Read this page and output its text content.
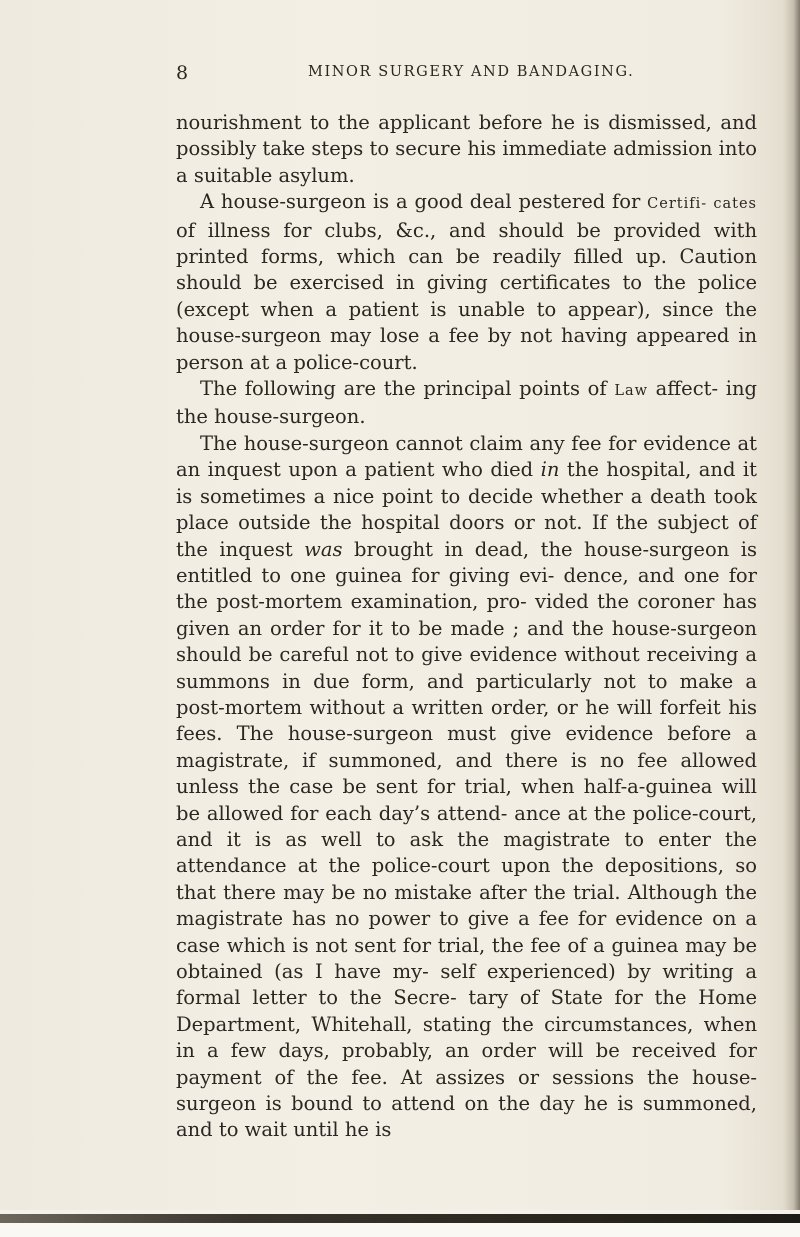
8	MINOR SURGERY AND BANDAGING.

nourishment to the applicant before he is dismissed, and possibly take steps to secure his immediate admission into a suitable asylum.

A house-surgeon is a good deal pestered for Certifi- cates of illness for clubs, &c., and should be provided with printed forms, which can be readily filled up. Caution should be exercised in giving certificates to the police (except when a patient is unable to appear), since the house-surgeon may lose a fee by not having appeared in person at a police-court.

The following are the principal points of Law affect- ing the house-surgeon.

The house-surgeon cannot claim any fee for evidence at an inquest upon a patient who died in the hospital, and it is sometimes a nice point to decide whether a death took place outside the hospital doors or not. If the subject of the inquest was brought in dead, the house-surgeon is entitled to one guinea for giving evi- dence, and one for the post-mortem examination, pro- vided the coroner has given an order for it to be made ; and the house-surgeon should be careful not to give evidence without receiving a summons in due form, and particularly not to make a post-mortem without a written order, or he will forfeit his fees. The house-surgeon must give evidence before a magistrate, if summoned, and there is no fee allowed unless the case be sent for trial, when half-a-guinea will be allowed for each day’s attend- ance at the police-court, and it is as well to ask the magistrate to enter the attendance at the police-court upon the depositions, so that there may be no mistake after the trial. Although the magistrate has no power to give a fee for evidence on a case which is not sent for trial, the fee of a guinea may be obtained (as I have my- self experienced) by writing a formal letter to the Secre- tary of State for the Home Department, Whitehall, stating the circumstances, when in a few days, probably, an order will be received for payment of the fee. At assizes or sessions the house-surgeon is bound to attend on the day he is summoned, and to wait until he is
